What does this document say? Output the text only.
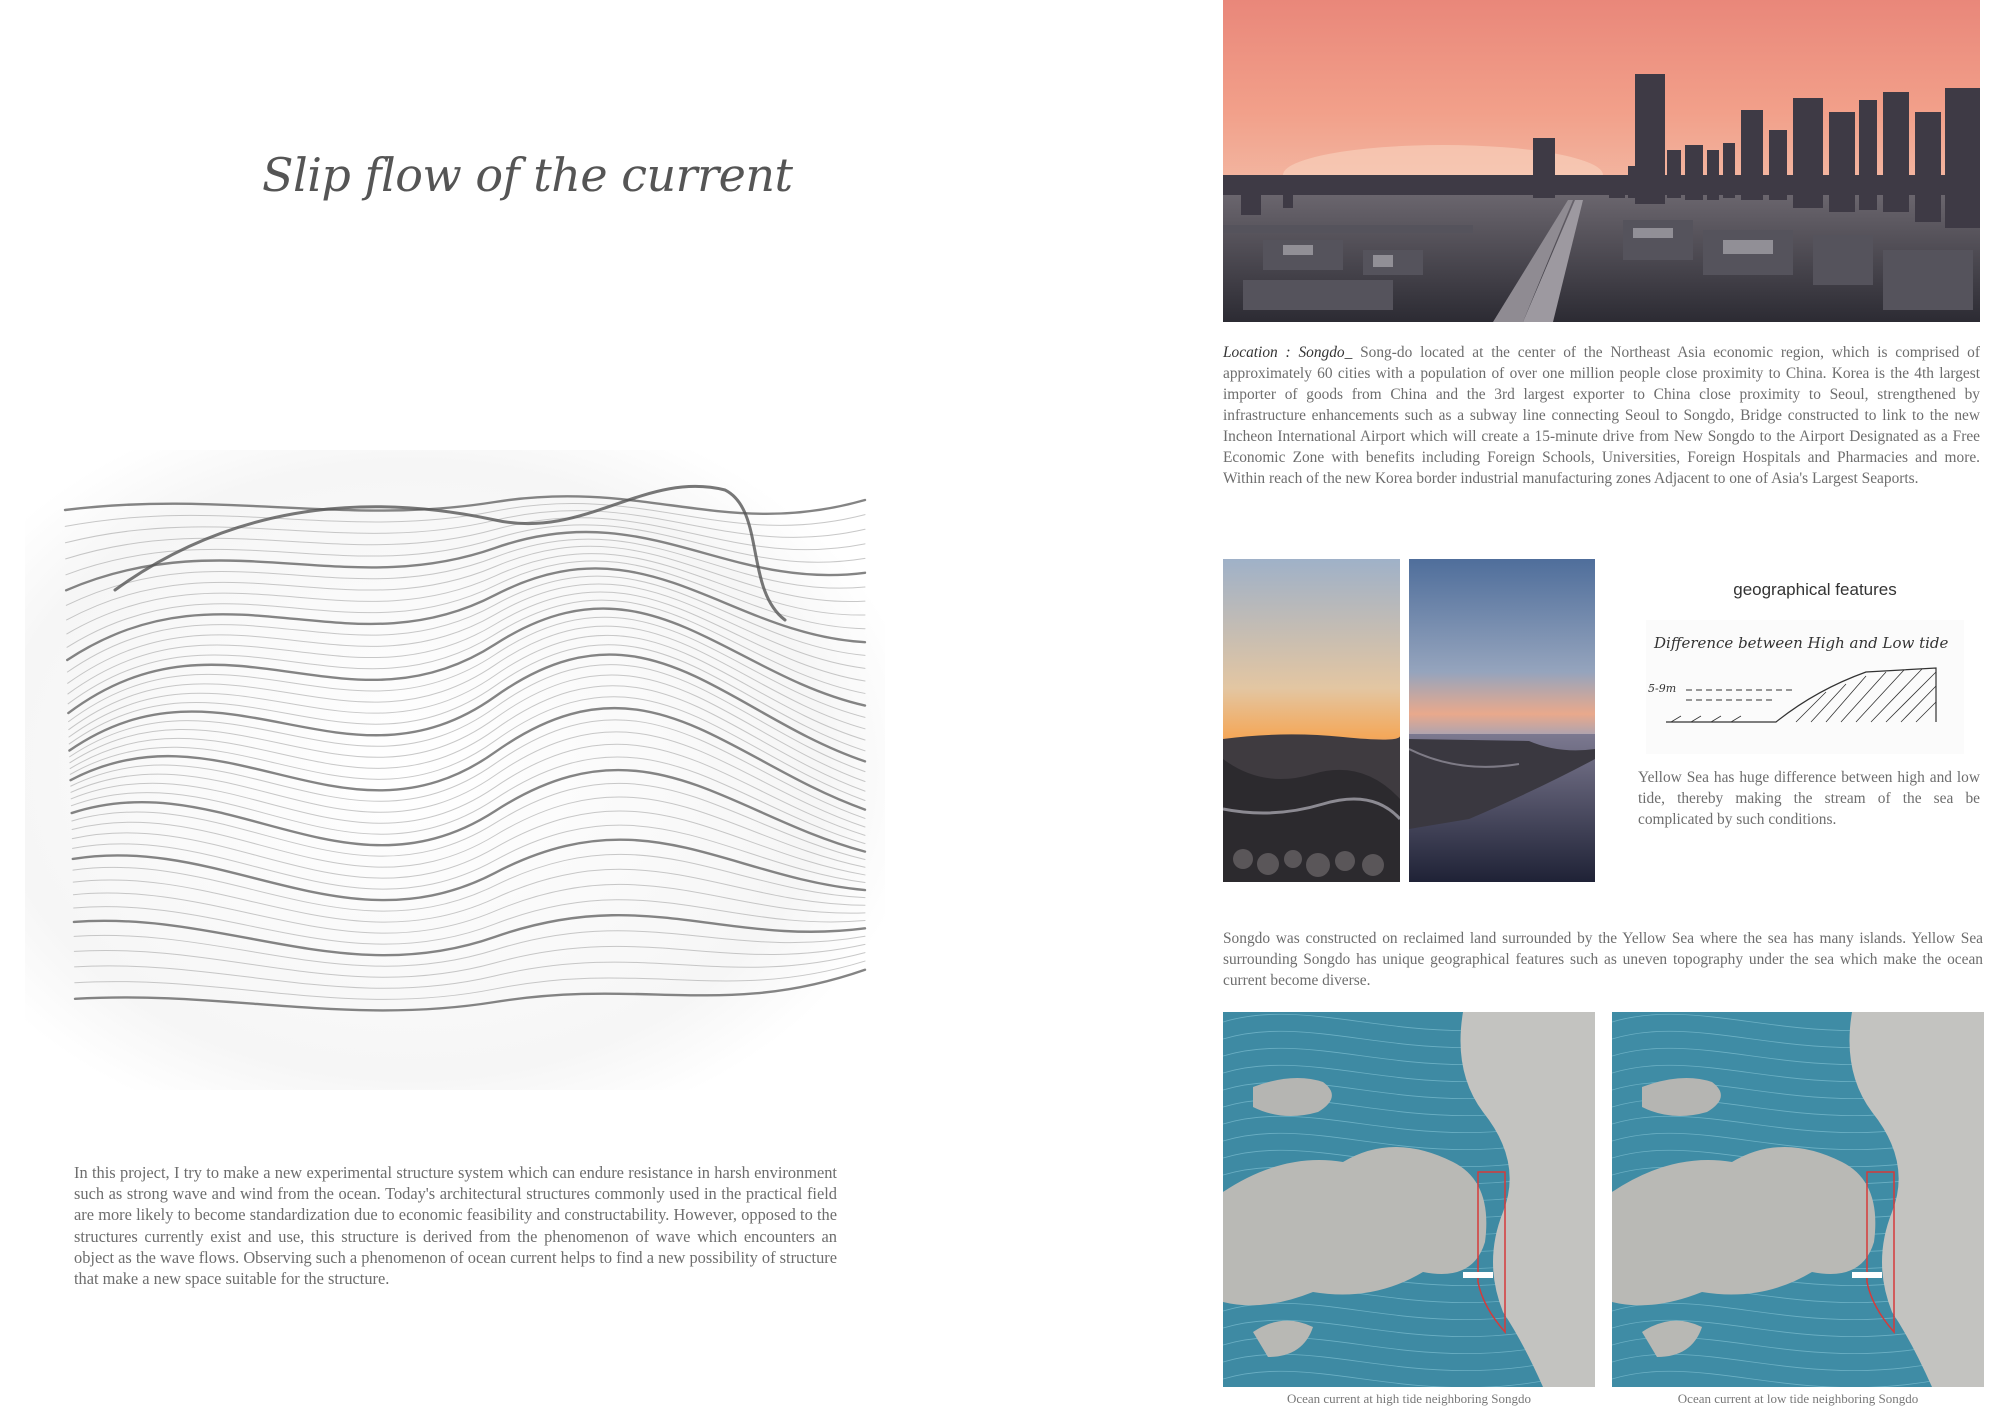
Slip flow of the current
In this project, I try to make a new experimental structure system which can endure resistance in harsh environment such as strong wave and wind from the ocean. Today's architectural structures commonly used in the practical field are more likely to become standardization due to economic feasibility and constructability. However, opposed to the structures currently exist and use, this structure is derived from the phenomenon of wave which encounters an object as the wave flows. Observing such a phenomenon of ocean current helps to find a new possibility of structure that make a new space suitable for the structure.
Location : Songdo_ Song-do located at the center of the Northeast Asia economic region, which is comprised of approximately 60 cities with a population of over one million people close proximity to China. Korea is the 4th largest importer of goods from China and the 3rd largest exporter to China close proximity to Seoul, strengthened by infrastructure enhancements such as a subway line connecting Seoul to Songdo, Bridge constructed to link to the new Incheon International Airport which will create a 15-minute drive from New Songdo to the Airport Designated as a Free Economic Zone with benefits including Foreign Schools, Universities, Foreign Hospitals and Pharmacies and more. Within reach of the new Korea border industrial manufacturing zones Adjacent to one of Asia's Largest Seaports.
geographical features
Difference between High and Low tide
5-9m
Yellow Sea has huge difference between high and low tide, thereby making the stream of the sea be complicated by such conditions.
Songdo was constructed on reclaimed land surrounded by the Yellow Sea where the sea has many islands. Yellow Sea surrounding Songdo has unique geographical features such as uneven topography under the sea which make the ocean current become diverse.
Ocean current at high tide neighboring Songdo	Ocean current at low tide neighboring Songdo
